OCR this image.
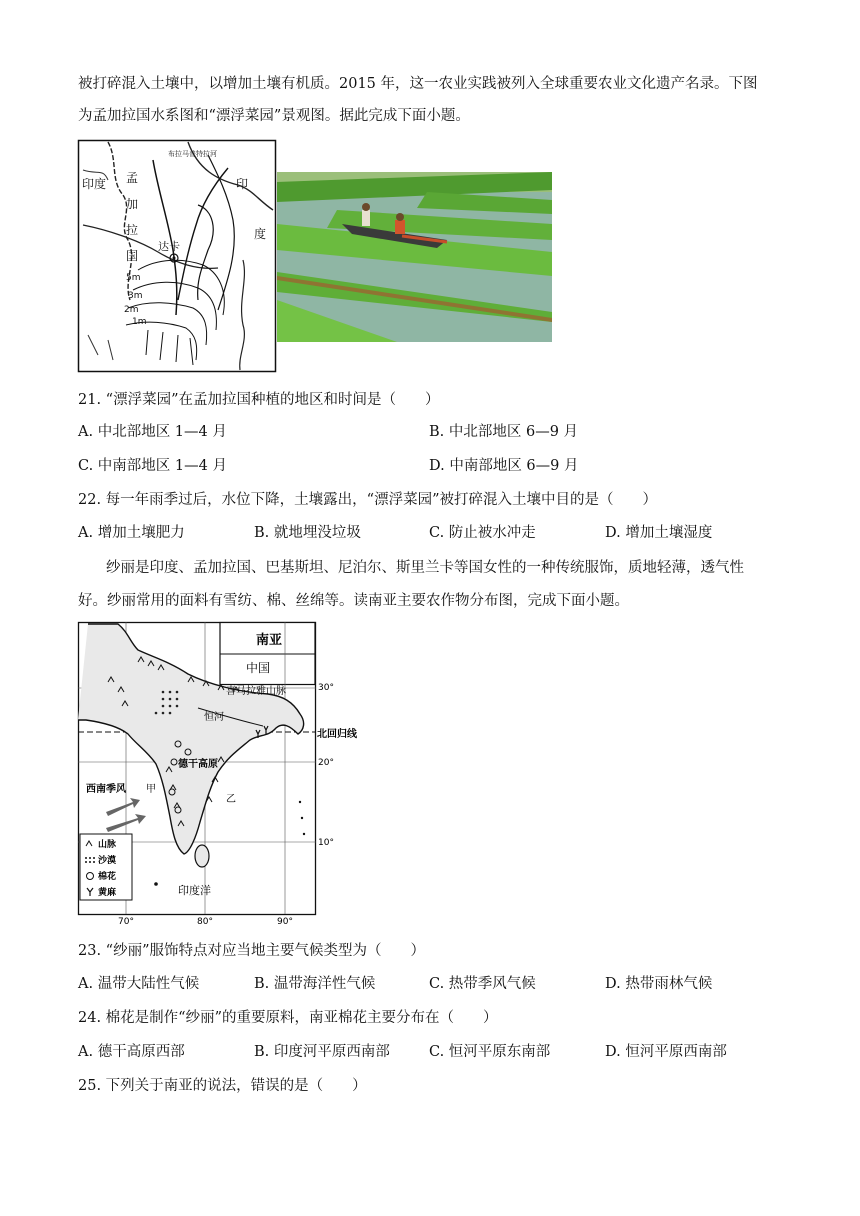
被打碎混入土壤中，以增加土壤有机质。2015 年，这一农业实践被列入全球重要农业文化遗产名录。下图
为孟加拉国水系图和“漂浮菜园”景观图。据此完成下面小题。
布拉马普特拉河
印度 孟
加
拉
国
印
度
达卡
5m
3m
2m
1m
21. “漂浮菜园”在孟加拉国种植的地区和时间是（　　）
A. 中北部地区 1—4 月	B. 中北部地区 6—9 月
C. 中南部地区 1—4 月	D. 中南部地区 6—9 月
22. 每一年雨季过后，水位下降，土壤露出，“漂浮菜园”被打碎混入土壤中目的是（　　）
A. 增加土壤肥力	B. 就地埋没垃圾	C. 防止被水冲走	D. 增加土壤湿度
纱丽是印度、孟加拉国、巴基斯坦、尼泊尔、斯里兰卡等国女性的一种传统服饰，质地轻薄，透气性
好。纱丽常用的面料有雪纺、棉、丝绵等。读南亚主要农作物分布图，完成下面小题。
南亚
中国
喜马拉雅山脉	30°
恒河
北回归线
20°
德干高原
西南季风 甲
乙
10°
印度洋
70°	80°	90°
山脉
沙漠
棉花
黄麻
23. “纱丽”服饰特点对应当地主要气候类型为（　　）
A. 温带大陆性气候	B. 温带海洋性气候	C. 热带季风气候	D. 热带雨林气候
24. 棉花是制作“纱丽”的重要原料，南亚棉花主要分布在（　　）
A. 德干高原西部	B. 印度河平原西南部	C. 恒河平原东南部	D. 恒河平原西南部
25. 下列关于南亚的说法，错误的是（　　）
